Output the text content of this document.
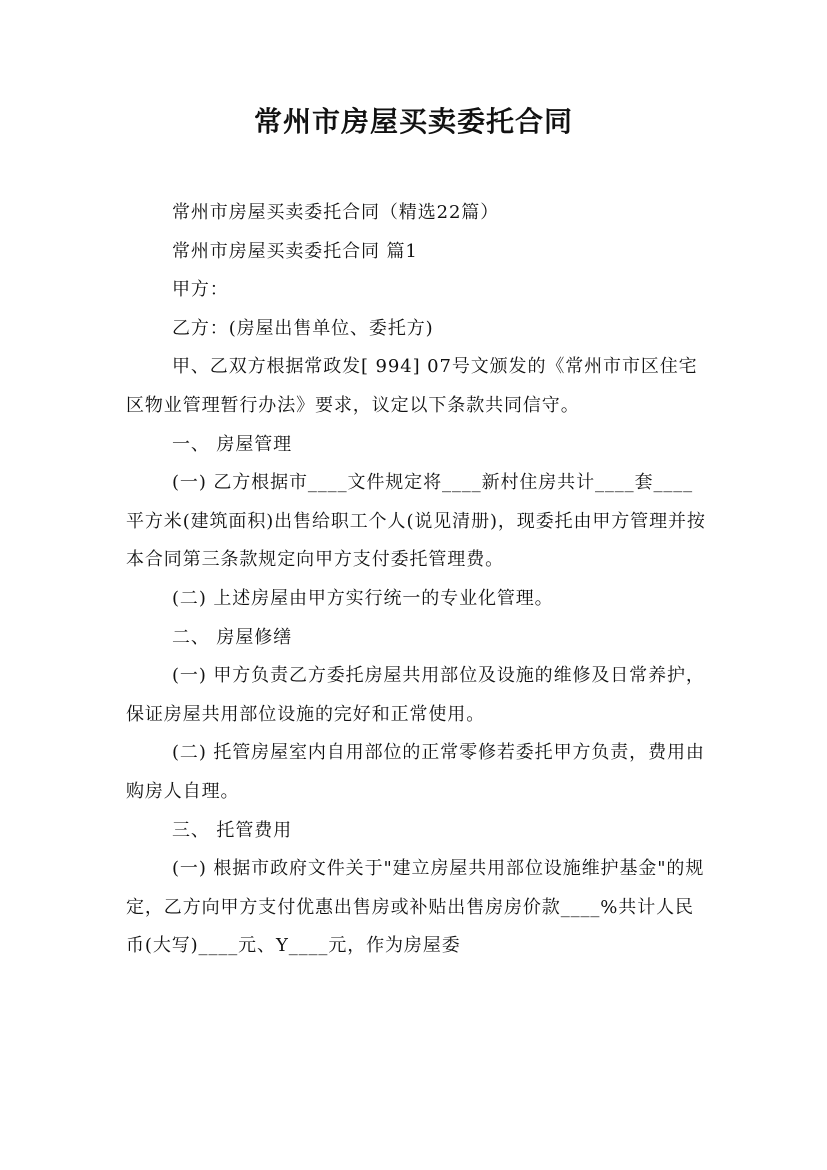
常州市房屋买卖委托合同

常州市房屋买卖委托合同（精选22篇）

常州市房屋买卖委托合同 篇1

甲方：

乙方：(房屋出售单位、委托方)

甲、乙双方根据常政发[ 994] 07号文颁发的《常州市市区住宅区物业管理暂行办法》要求，议定以下条款共同信守。

一、 房屋管理

(一) 乙方根据市____文件规定将____新村住房共计____套____平方米(建筑面积)出售给职工个人(说见清册)，现委托由甲方管理并按本合同第三条款规定向甲方支付委托管理费。

(二) 上述房屋由甲方实行统一的专业化管理。

二、 房屋修缮

(一) 甲方负责乙方委托房屋共用部位及设施的维修及日常养护，保证房屋共用部位设施的完好和正常使用。

(二) 托管房屋室内自用部位的正常零修若委托甲方负责，费用由购房人自理。

三、 托管费用

(一) 根据市政府文件关于"建立房屋共用部位设施维护基金"的规定，乙方向甲方支付优惠出售房或补贴出售房房价款____%共计人民币(大写)____元、Y____元，作为房屋委
